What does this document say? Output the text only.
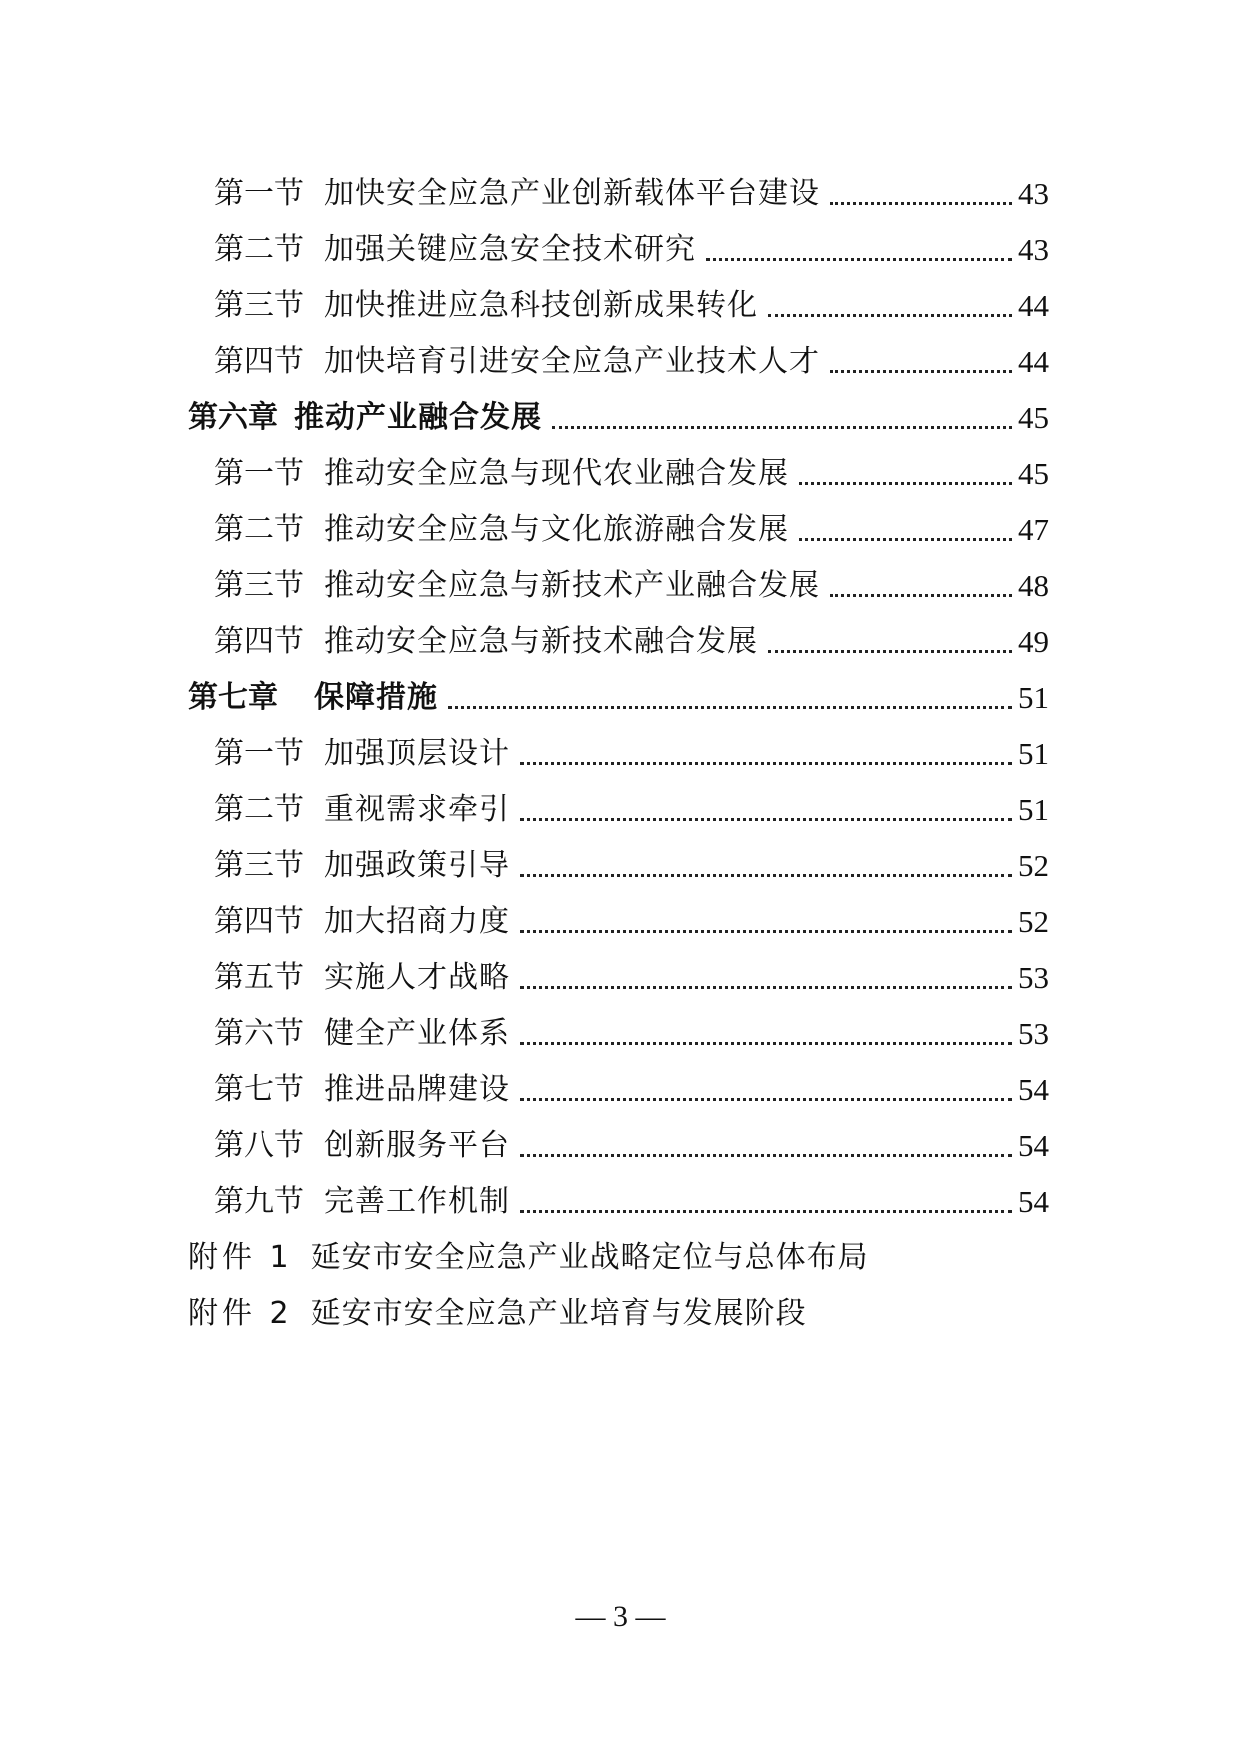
第一节 加快安全应急产业创新载体平台建设	43
第二节 加强关键应急安全技术研究	43
第三节 加快推进应急科技创新成果转化	44
第四节 加快培育引进安全应急产业技术人才	44
第六章 推动产业融合发展	45
第一节 推动安全应急与现代农业融合发展	45
第二节 推动安全应急与文化旅游融合发展	47
第三节 推动安全应急与新技术产业融合发展	48
第四节 推动安全应急与新技术融合发展	49
第七章 保障措施	51
第一节 加强顶层设计	51
第二节 重视需求牵引	51
第三节 加强政策引导	52
第四节 加大招商力度	52
第五节 实施人才战略	53
第六节 健全产业体系	53
第七节 推进品牌建设	54
第八节 创新服务平台	54
第九节 完善工作机制	54
附件 1 延安市安全应急产业战略定位与总体布局
附件 2 延安市安全应急产业培育与发展阶段
— 3 —
